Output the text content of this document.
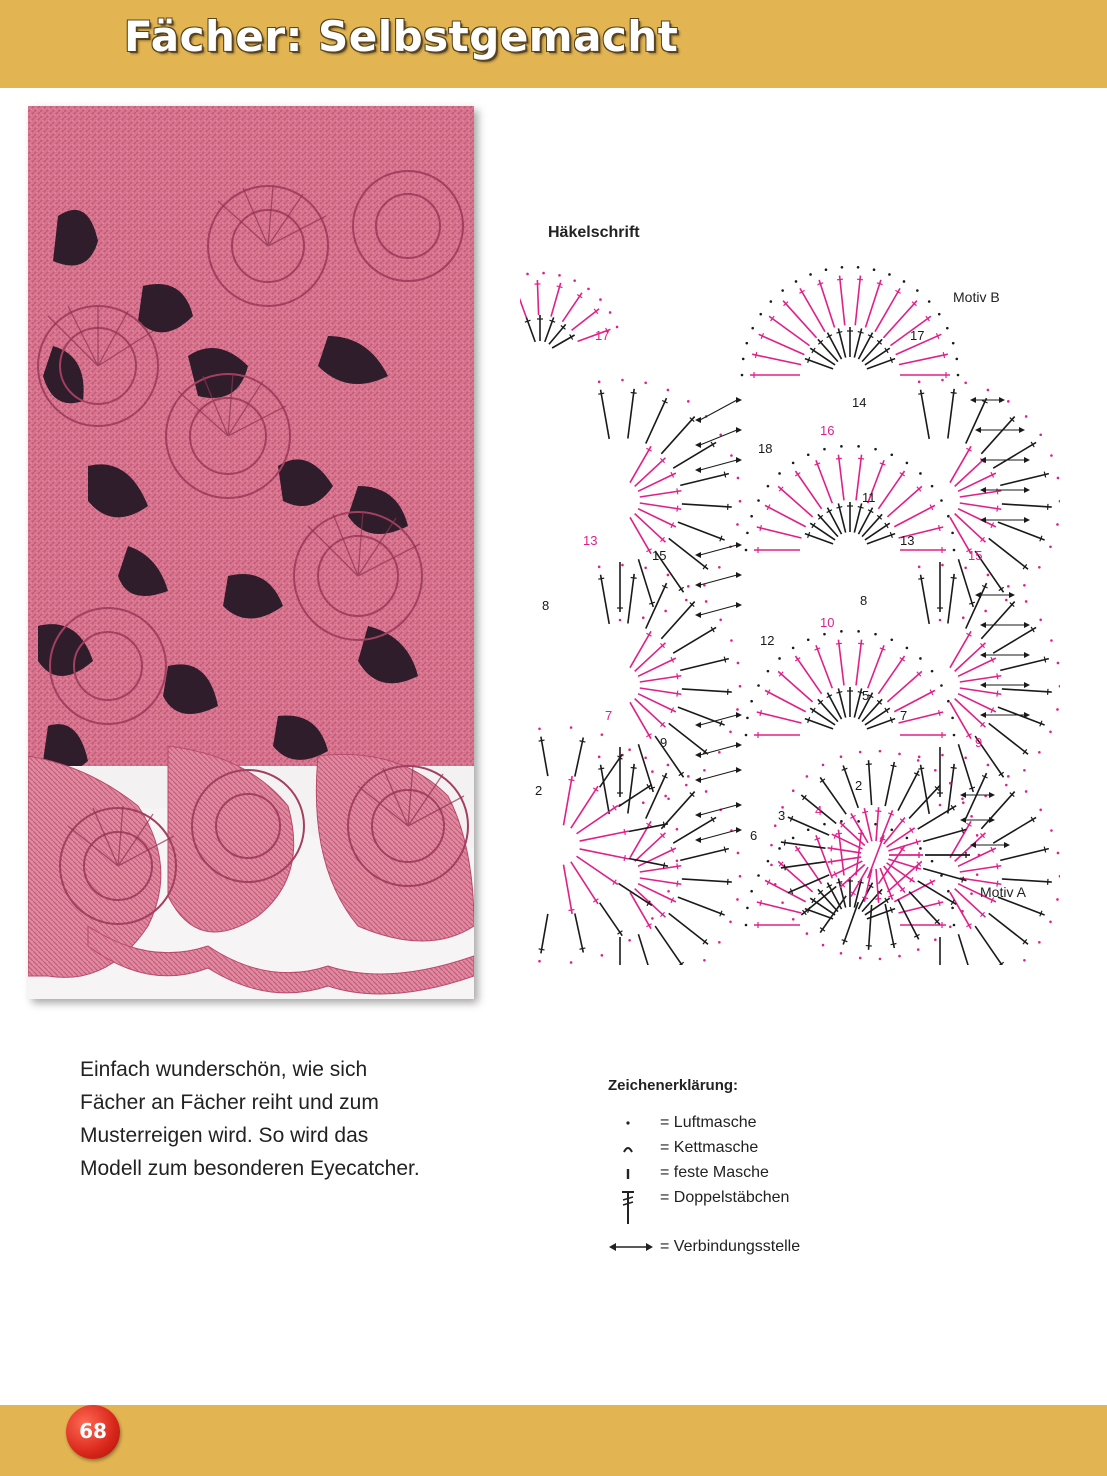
Fächer: Selbstgemacht
Häkelschrift
17	17
14
16
18
11
13
15
13
15
8
12
10
8
5
7
9
7
9
2
6
4
3
2
Motiv B
Motiv A
Einfach wunderschön, wie sich
Fächer an Fächer reiht und zum
Musterreigen wird. So wird das
Modell zum besonderen Eyecatcher.
Zeichenerklärung:
= Luftmasche
= Kettmasche
= feste Masche
= Doppelstäbchen
= Verbindungsstelle
68
